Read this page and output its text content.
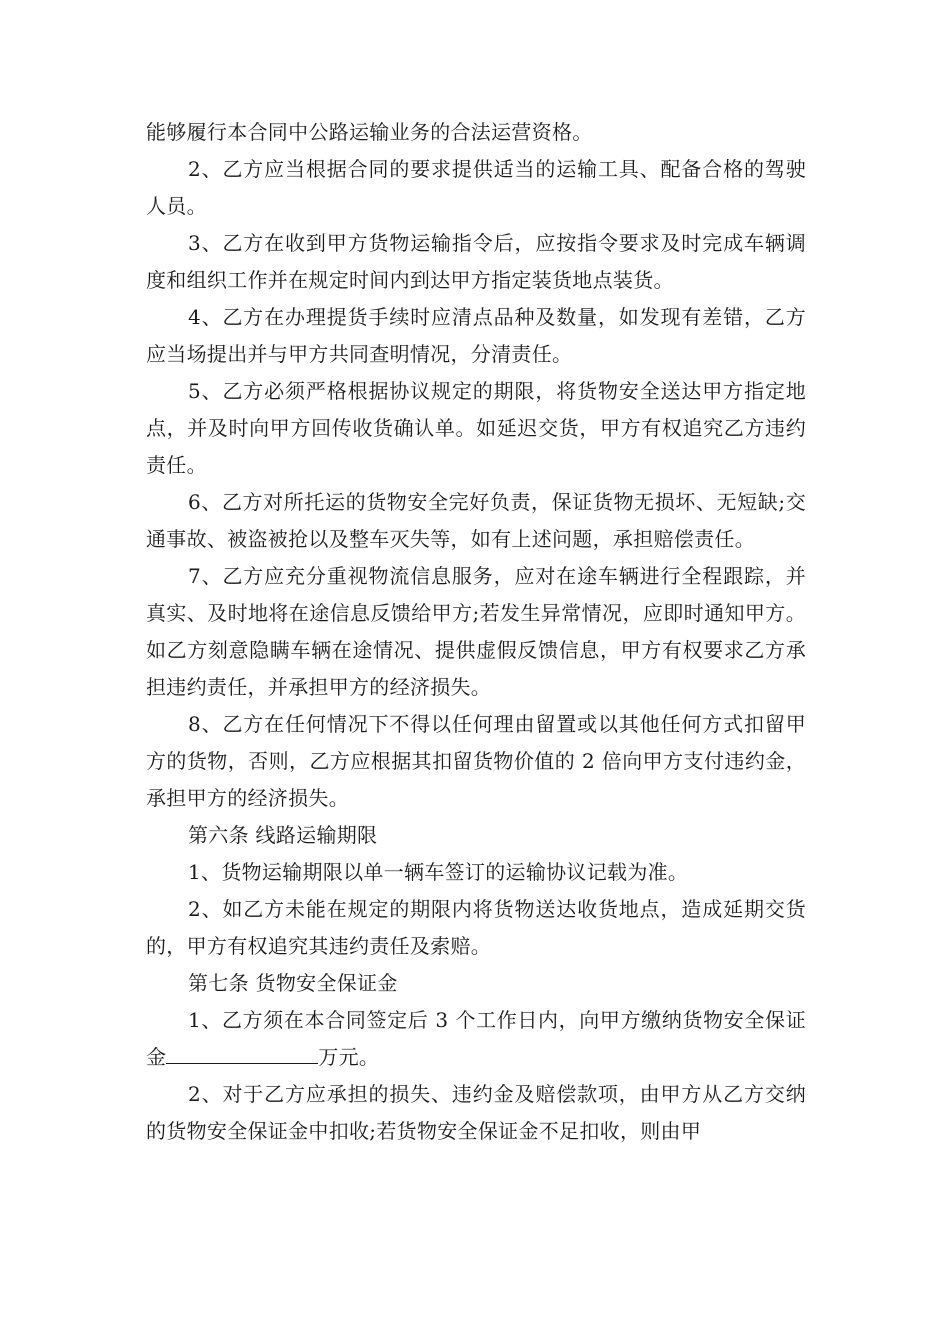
能够履行本合同中公路运输业务的合法运营资格。

2、乙方应当根据合同的要求提供适当的运输工具、配备合格的驾驶人员。

3、乙方在收到甲方货物运输指令后，应按指令要求及时完成车辆调度和组织工作并在规定时间内到达甲方指定装货地点装货。

4、乙方在办理提货手续时应清点品种及数量，如发现有差错，乙方应当场提出并与甲方共同查明情况，分清责任。

5、乙方必须严格根据协议规定的期限，将货物安全送达甲方指定地点，并及时向甲方回传收货确认单。如延迟交货，甲方有权追究乙方违约责任。

6、乙方对所托运的货物安全完好负责，保证货物无损坏、无短缺;交通事故、被盗被抢以及整车灭失等，如有上述问题，承担赔偿责任。

7、乙方应充分重视物流信息服务，应对在途车辆进行全程跟踪，并真实、及时地将在途信息反馈给甲方;若发生异常情况，应即时通知甲方。如乙方刻意隐瞒车辆在途情况、提供虚假反馈信息，甲方有权要求乙方承担违约责任，并承担甲方的经济损失。

8、乙方在任何情况下不得以任何理由留置或以其他任何方式扣留甲方的货物，否则，乙方应根据其扣留货物价值的 2 倍向甲方支付违约金，承担甲方的经济损失。

第六条 线路运输期限

1、货物运输期限以单一辆车签订的运输协议记载为准。

2、如乙方未能在规定的期限内将货物送达收货地点，造成延期交货的，甲方有权追究其违约责任及索赔。

第七条 货物安全保证金

1、乙方须在本合同签定后 3 个工作日内，向甲方缴纳货物安全保证金	万元。

2、对于乙方应承担的损失、违约金及赔偿款项，由甲方从乙方交纳的货物安全保证金中扣收;若货物安全保证金不足扣收，则由甲
